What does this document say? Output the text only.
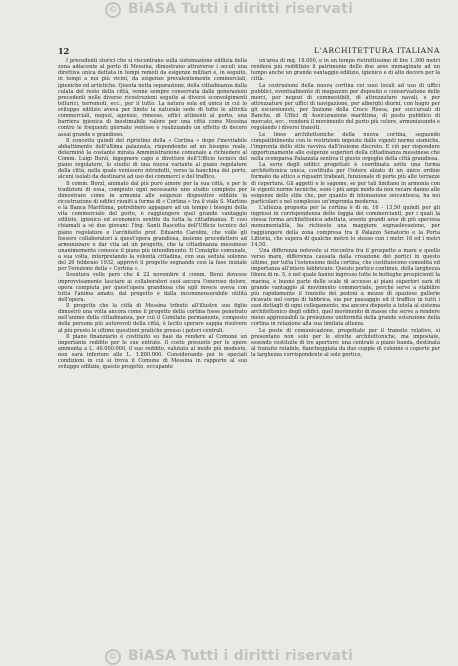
© BiASA Tutti i diritti riservati
12	L'ARCHITETTURA ITALIANA

I precedenti storici che si riscontrano sulla sistemazione edilizia della zona adiacente al porto di Messina, dimostrano attraverso i secoli una direttiva unica dettata in tempi remoti da esigenze militari e, in seguito, in tempi a noi più vicini, da esigenze prevalentemente commerciali, igieniche ed artistiche. Questa netta separazione, della cittadinanza dalla calata del resto della città, venne sempre conservata dalle generazioni precedenti nelle diverse ricostruzioni seguite ai diversi sconvolgimenti tellurici, terremoti, ecc., per il tutto. La natura sola ed unica in cui lo sviluppo edilizio aveva per limite la naturale sede di tutte le attività commerciali, negozi, agenzie, rimesse, uffici attinenti al porto, una barriera igienica di inestimabile valore per una città come Messina contro le frequenti giornate ventose e realizzando un effetto di decoro assai grande e grandioso.

Il concetto quindi del ripristino della « Cortina » dopo l'inevitabile abbattimento dell'ultima palazzata, rispondendo ad un bisogno reale, determinò la costante mirata Amministrazione comunale a richiedere al Comm. Luigi Borzì, ingegnere capo e direttore dell'Ufficio tecnico del piano regolatore, lo studio di una nuova variante al piano regolatore della città, nella quale venissero introdotti, verso la banchina del porto, alcuni isolati da destinarsi ad uso dei commerci e del traffico.

Il comm. Borzì, animato dal più puro amore per la sua città, e per le tradizioni di essa, compiuto ogni necessario uno studio completo per dimostrare come in armonia alle esigenze dispositive edilizie la ricostruzione di edifici riuniti a forma di « Cortina » tra il viale S. Martino e la Banca Marittima, potrebbero appagare ad un tempo i bisogni della vita commerciale del porto, e raggiungere quel grande vantaggio edilizio, igienico ed economico sentito da tutta la cittadinanza. E così chiamati a sé due giovani: l'ing. Santi Bascetta dell'Ufficio tecnico del piano regolatore e l'architetto prof. Eduardo Carolini, che volle gli fossero collaboratori a quest'opera grandiosa, insieme procedettero ad armonizzare e dar vita ad un progetto, che la cittadinanza messinese unanimemente conosce il piano più intendimento. Il Consiglio comunale, a sua volta, interpretando la volontà cittadina, con sua seduta solenne del 26 febbraio 1932, approvò il progetto segnando così la fase iniziale per l'erezione della « Cortina ».

Sventura volle però che il 22 novembre il comm. Borzì dovesse improvvisamente lasciare ai collaboratori suoi ancora l'oneroso dolore, opera compiuta per quest'opera grandiosa che egli invece aveva con tutta l'anima amato, dal progetto e dalla incommensurabile utilità dell'opera.

Il progetto che la città di Messina tributò all'illustre suo figlio dimostrò una volta ancora come il progetto della cortina fosse penetrato nell'animo della cittadinanza, per cui il Comitato permanente, composto delle persone più autorevoli della città, è lecito sperare sappia risolvere al più presto le ultime questioni pratiche presso i poteri centrali.

Il piano finanziario è costituito su basi da rendere al Comune un importante reddito per le sue entrate. Il costo presunto per le opere ammonta a L. 40.000.000, il suo reddito, valutato al modo più modesto, non sarà inferiore alle L. 1.800.000. Considerando poi le speciali condizioni in cui si trova il Comune di Messina in rapporto al suo sviluppo edilizio, questo progetto, occupante

un'area di mq. 18.000, e in un tempo ristrettissimo di lire 1.300 metri renderà più redditizio il patrimonio dello due aree immaginate ad un tempo anche un grande vantaggio edilizio, igienico e di alto decoro per la città.

La costruzione della nuova cortina coi suoi locali ad uso di uffici pubblici, eventualmente di magazzini per deposito e conservazione delle merci, per negozi di commestibili, di attrezzature navali, e per attrezzature per uffici di navigazione, per alberghi diurni, con bagni per gli escursionisti, per Sezione della Croce Rossa, per succursali di Banche, di Uffici di Assicurazione marittima, di posto pubblico di mercato, ecc., renderà il movimento del porto più celere, armonizzando e regolando i diversi transiti.

Le linee architettoniche della nuova cortina, seguendo compatibilmente con le restrizioni imposte dalle vigenti norme sismiche, l'impronta dello stile ravviva dall'insieme discreto. E ciò per rispondere opportunamente alle esigenze superiori della cittadinanza messinese che nella scomparsa Palazzata sentiva il giusto orgoglio della città grandiosa.

La serie degli edifici progettati è coordinata sotto una forma architettonica unica, costituita per l'intero alzato di un unico ordine formato da attico a riquadri trabeati, funzionale di porte più alte terrazze di copertura. Gli aggetti e le sagome, se pur tali limitano in armonia con le vigenti norme tecniche, sono i più ampi modo da non recare danno alle esigenze dello stile che, per quanto di intonazione seicentesca, ha nei particolari e nel complesso un'impronta moderna.

L'altezza proposta per la cortina è di m. 16 - 13,50 quindi per gli ingressi in corrispondenza delle loggia dei commercianti, per i quali la stessa forma architettonica adottata, avente grandi aree di più speciosa monumentalità, ha richiesto una maggiore sopraelevazione, per raggiungere della zona compresa tra il Palazzo Senatorio e la Porta Littoria, che supera di qualche metro lo stesso con i metri 16 ed i metri 14,50.

Una differenza notevole si riscontra fra il prospetto a mare e quello verso mare, differenza causata dalla creazione dei portici in questo ultimo, per tutta l'estensione della cortina, che costituiscono comodità ed importanza all'intero fabbricato. Questo portico continuo, della larghezza libera di m. 5, è nel quale hanno ingresso tutte le botteghe prospicienti la marina, e buono parte delle scale di accesso ai piani superiori sarà di grande vantaggio al movimento commerciale, perché serve a stabilire più rapidamente il transito dei pedoni a mezzo di spaziose gallerie ricavate nel corpo di fabbrica, sia per passaggio ed il traffico in tutti i suoi dettagli di ogni collegamento, ma ancora disposto a tutela al sistema architettonico degli edifici, quel movimento di masse che serve a rendere meno apprezzabili la proiezione uniformità della grande estensione della cortina in relazione alla sua limitata altezza.

Le poste di comunicazione, progettate per il transito relativo, si presentano non solo per le strette architettoniche, ma impostate, essendo costituite di tre aperture: una centrale a piano banda, destinata al transito rotabile, fiancheggiata da due coppie di colonne o coperte per la larghezza corrispondente al solo portico,

© BiASA Tutti i diritti riservati
